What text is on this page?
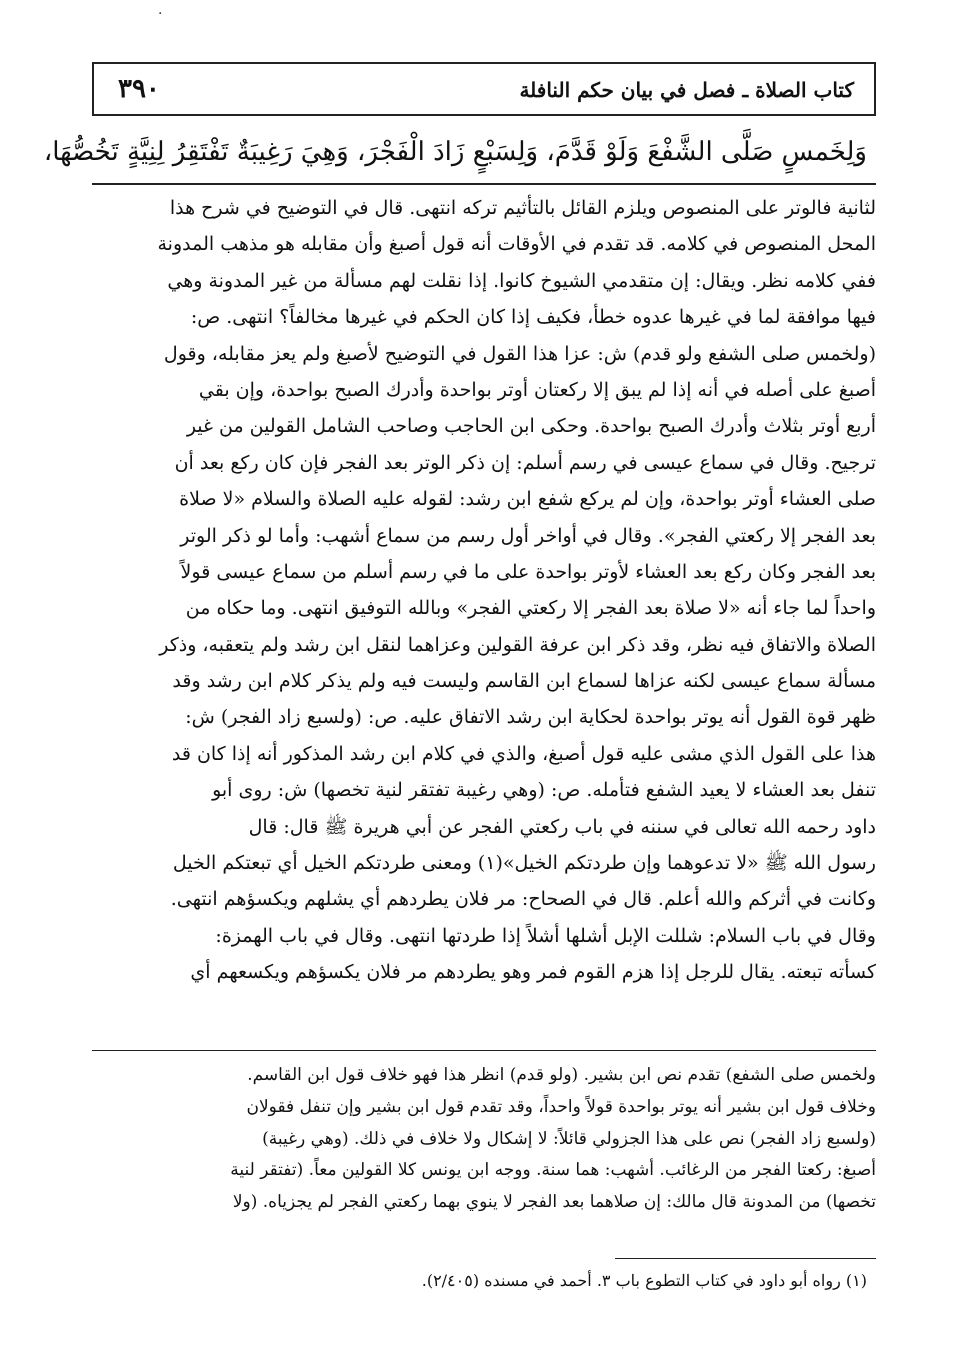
·
٣٩٠	كتاب الصلاة ـ فصل في بيان حكم النافلة
وَلِخَمسٍ صَلَّى الشَّفْعَ وَلَوْ قَدَّمَ، وَلِسَبْعٍ زَادَ الْفَجْرَ، وَهِيَ رَغِيبَةٌ تَفْتَقِرُ لِنِيَّةٍ تَخُصُّهَا،
لثانية فالوتر على المنصوص ويلزم القائل بالتأثيم تركه انتهى. قال في التوضيح في شرح هذا
المحل المنصوص في كلامه. قد تقدم في الأوقات أنه قول أصبغ وأن مقابله هو مذهب المدونة
ففي كلامه نظر. ويقال: إن متقدمي الشيوخ كانوا. إذا نقلت لهم مسألة من غير المدونة وهي
فيها موافقة لما في غيرها عدوه خطأ، فكيف إذا كان الحكم في غيرها مخالفاً؟ انتهى. ص:
(ولخمس صلى الشفع ولو قدم) ش: عزا هذا القول في التوضيح لأصبغ ولم يعز مقابله، وقول
أصبغ على أصله في أنه إذا لم يبق إلا ركعتان أوتر بواحدة وأدرك الصبح بواحدة، وإن بقي
أربع أوتر بثلاث وأدرك الصبح بواحدة. وحكى ابن الحاجب وصاحب الشامل القولين من غير
ترجيح. وقال في سماع عيسى في رسم أسلم: إن ذكر الوتر بعد الفجر فإن كان ركع بعد أن
صلى العشاء أوتر بواحدة، وإن لم يركع شفع ابن رشد: لقوله عليه الصلاة والسلام «لا صلاة
بعد الفجر إلا ركعتي الفجر». وقال في أواخر أول رسم من سماع أشهب: وأما لو ذكر الوتر
بعد الفجر وكان ركع بعد العشاء لأوتر بواحدة على ما في رسم أسلم من سماع عيسى قولاً
واحداً لما جاء أنه «لا صلاة بعد الفجر إلا ركعتي الفجر» وبالله التوفيق انتهى. وما حكاه من
الصلاة والاتفاق فيه نظر، وقد ذكر ابن عرفة القولين وعزاهما لنقل ابن رشد ولم يتعقبه، وذكر
مسألة سماع عيسى لكنه عزاها لسماع ابن القاسم وليست فيه ولم يذكر كلام ابن رشد وقد
ظهر قوة القول أنه يوتر بواحدة لحكاية ابن رشد الاتفاق عليه. ص: (ولسبع زاد الفجر) ش:
هذا على القول الذي مشى عليه قول أصبغ، والذي في كلام ابن رشد المذكور أنه إذا كان قد
تنفل بعد العشاء لا يعيد الشفع فتأمله. ص: (وهي رغيبة تفتقر لنية تخصها) ش: روى أبو
داود رحمه الله تعالى في سننه في باب ركعتي الفجر عن أبي هريرة ﷺ قال: قال
رسول الله ﷺ «لا تدعوهما وإن طردتكم الخيل»(١) ومعنى طردتكم الخيل أي تبعتكم الخيل
وكانت في أثركم والله أعلم. قال في الصحاح: مر فلان يطردهم أي يشلهم ويكسؤهم انتهى.
وقال في باب السلام: شللت الإبل أشلها أشلاً إذا طردتها انتهى. وقال في باب الهمزة:
كسأته تبعته. يقال للرجل إذا هزم القوم فمر وهو يطردهم مر فلان يكسؤهم ويكسعهم أي
ولخمس صلى الشفع) تقدم نص ابن بشير. (ولو قدم) انظر هذا فهو خلاف قول ابن القاسم.
وخلاف قول ابن بشير أنه يوتر بواحدة قولاً واحداً، وقد تقدم قول ابن بشير وإن تنفل فقولان
(ولسبع زاد الفجر) نص على هذا الجزولي قائلاً: لا إشكال ولا خلاف في ذلك. (وهي رغيبة)
أصبغ: ركعتا الفجر من الرغائب. أشهب: هما سنة. ووجه ابن يونس كلا القولين معاً. (تفتقر لنية
تخصها) من المدونة قال مالك: إن صلاهما بعد الفجر لا ينوي بهما ركعتي الفجر لم يجزياه. (ولا
(١) رواه أبو داود في كتاب التطوع باب ٣. أحمد في مسنده (٢/٤٠٥).
